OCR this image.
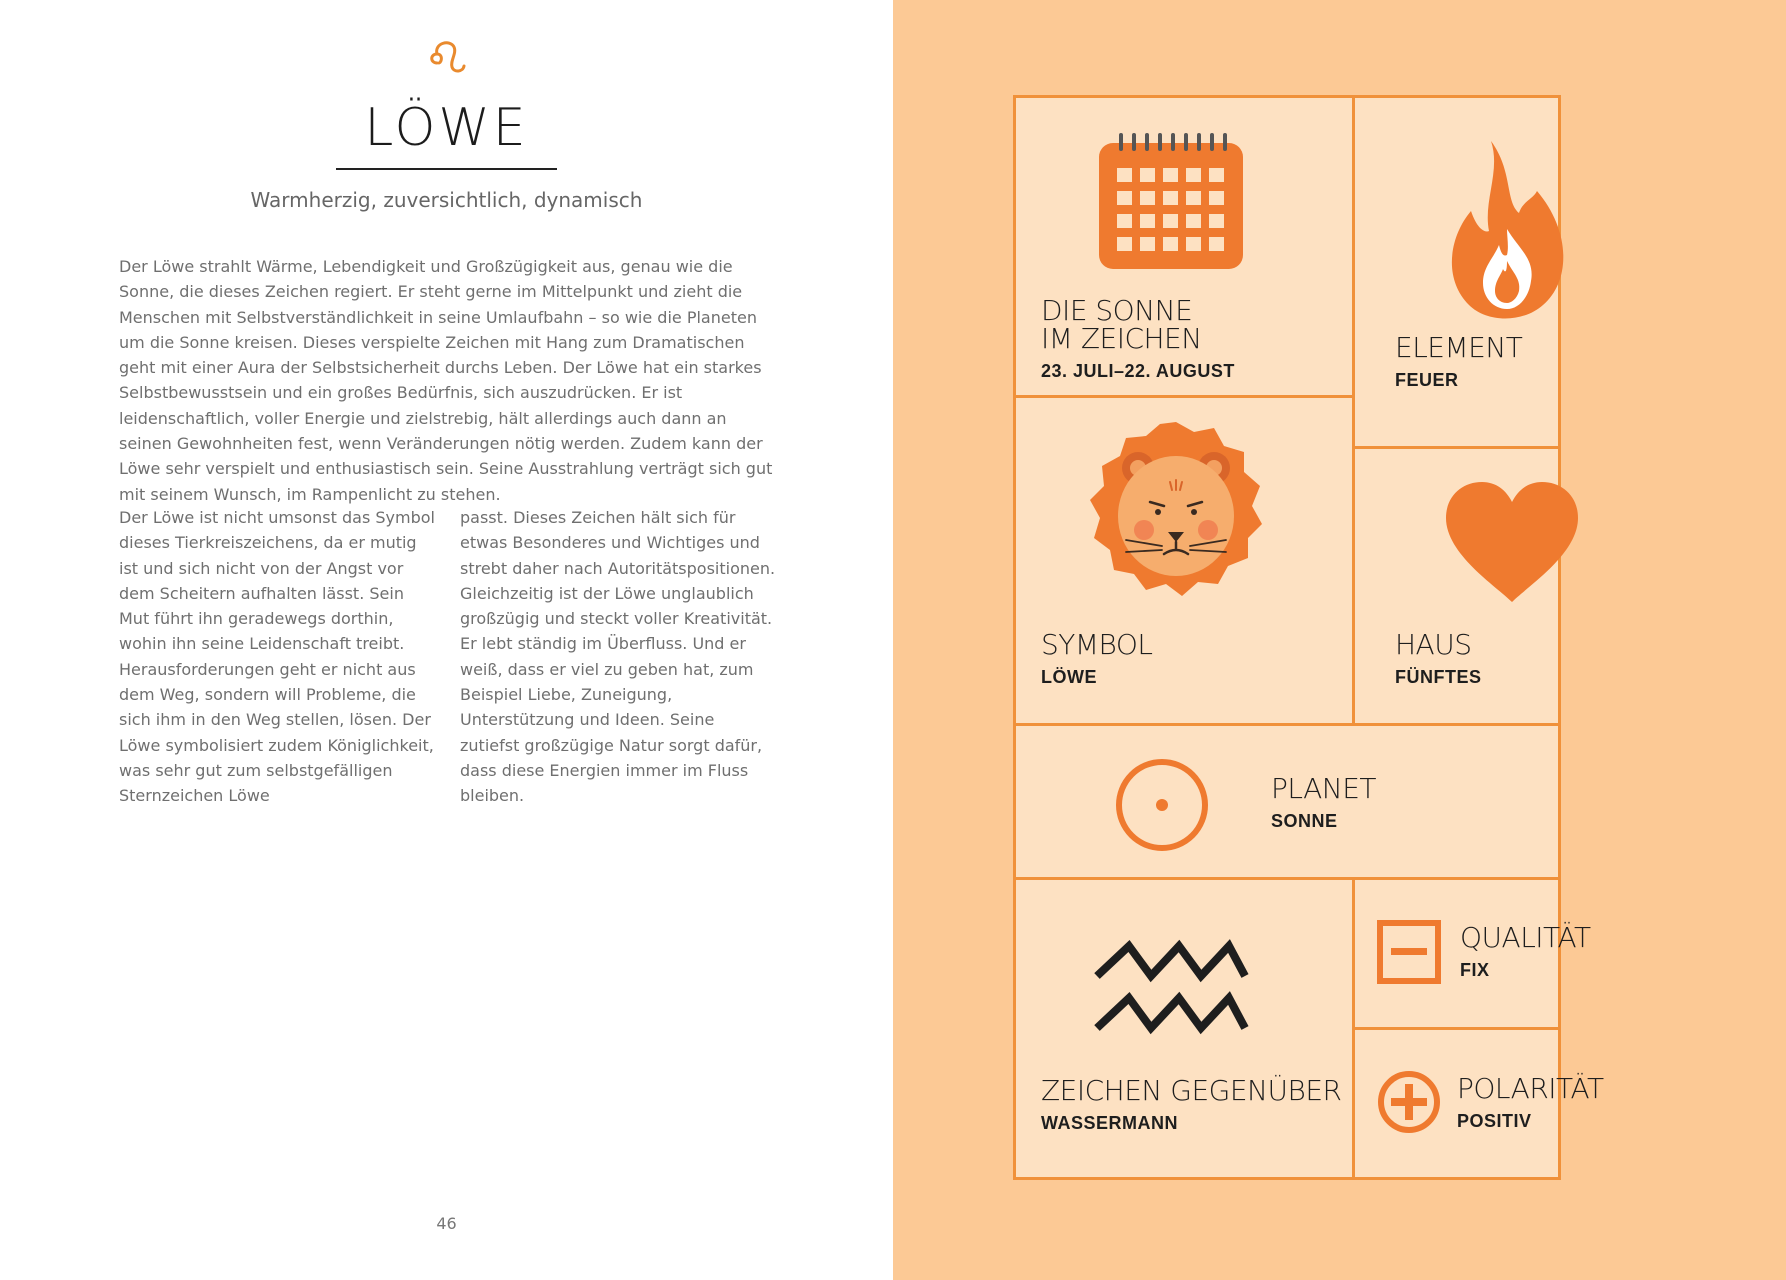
LÖWE
Warmherzig, zuversichtlich, dynamisch

Der Löwe strahlt Wärme, Lebendigkeit und Großzügigkeit aus, genau wie die Sonne, die dieses Zeichen regiert. Er steht gerne im Mittelpunkt und zieht die Menschen mit Selbstverständlichkeit in seine Umlaufbahn – so wie die Planeten um die Sonne kreisen. Dieses verspielte Zeichen mit Hang zum Dramatischen geht mit einer Aura der Selbstsicherheit durchs Leben. Der Löwe hat ein starkes Selbstbewusstsein und ein großes Bedürfnis, sich auszudrücken. Er ist leidenschaftlich, voller Energie und zielstrebig, hält allerdings auch dann an seinen Gewohnheiten fest, wenn Veränderungen nötig werden. Zudem kann der Löwe sehr verspielt und enthusiastisch sein. Seine Ausstrahlung verträgt sich gut mit seinem Wunsch, im Rampenlicht zu stehen.

Der Löwe ist nicht umsonst das Symbol dieses Tierkreiszeichens, da er mutig ist und sich nicht von der Angst vor dem Scheitern aufhalten lässt. Sein Mut führt ihn geradewegs dorthin, wohin ihn seine Leidenschaft treibt. Herausforderungen geht er nicht aus dem Weg, sondern will Probleme, die sich ihm in den Weg stellen, lösen. Der Löwe symbolisiert zudem Königlichkeit, was sehr gut zum selbstgefälligen Sternzeichen Löwe

passt. Dieses Zeichen hält sich für etwas Besonderes und Wichtiges und strebt daher nach Autoritätspositionen. Gleichzeitig ist der Löwe unglaublich großzügig und steckt voller Kreativität. Er lebt ständig im Überfluss. Und er weiß, dass er viel zu geben hat, zum Beispiel Liebe, Zuneigung, Unterstützung und Ideen. Seine zutiefst großzügige Natur sorgt dafür, dass diese Energien immer im Fluss bleiben.

46
DIE SONNE
IM ZEICHEN
23. JULI–22. AUGUST
ELEMENT
FEUER
SYMBOL
LÖWE
HAUS
FÜNFTES
PLANET
SONNE
ZEICHEN GEGENÜBER
WASSERMANN
QUALITÄT
FIX
POLARITÄT
POSITIV
